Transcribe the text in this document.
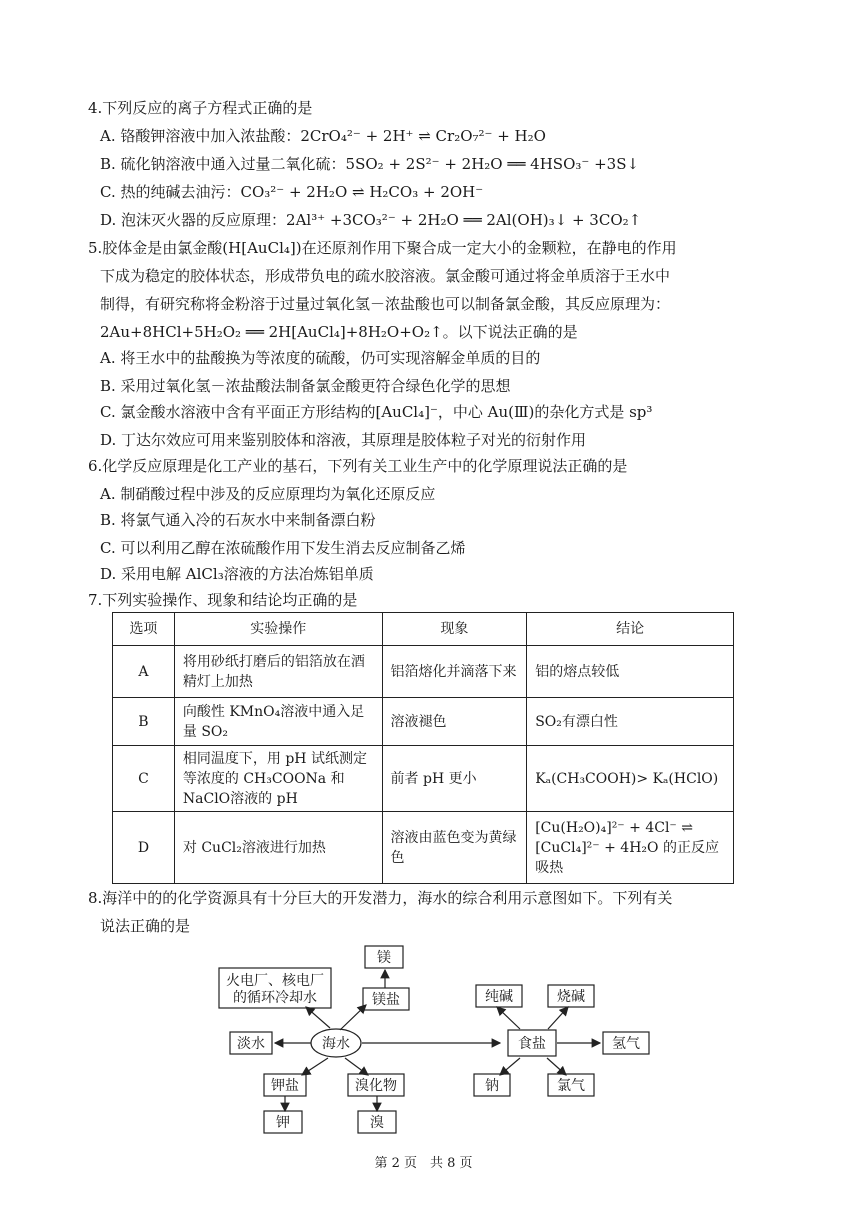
4.下列反应的离子方程式正确的是
A. 铬酸钾溶液中加入浓盐酸：2CrO₄²⁻ + 2H⁺ ⇌ Cr₂O₇²⁻ + H₂O
B. 硫化钠溶液中通入过量二氧化硫：5SO₂ + 2S²⁻ + 2H₂O ══ 4HSO₃⁻ +3S↓
C. 热的纯碱去油污：CO₃²⁻ + 2H₂O ⇌ H₂CO₃ + 2OH⁻
D. 泡沫灭火器的反应原理：2Al³⁺ +3CO₃²⁻ + 2H₂O ══ 2Al(OH)₃↓ + 3CO₂↑
5.胶体金是由氯金酸(H[AuCl₄])在还原剂作用下聚合成一定大小的金颗粒，在静电的作用
下成为稳定的胶体状态，形成带负电的疏水胶溶液。氯金酸可通过将金单质溶于王水中
制得，有研究称将金粉溶于过量过氧化氢－浓盐酸也可以制备氯金酸，其反应原理为：
2Au+8HCl+5H₂O₂ ══ 2H[AuCl₄]+8H₂O+O₂↑。以下说法正确的是
A. 将王水中的盐酸换为等浓度的硫酸，仍可实现溶解金单质的目的
B. 采用过氧化氢－浓盐酸法制备氯金酸更符合绿色化学的思想
C. 氯金酸水溶液中含有平面正方形结构的[AuCl₄]⁻，中心 Au(Ⅲ)的杂化方式是 sp³
D. 丁达尔效应可用来鉴别胶体和溶液，其原理是胶体粒子对光的衍射作用
6.化学反应原理是化工产业的基石，下列有关工业生产中的化学原理说法正确的是
A. 制硝酸过程中涉及的反应原理均为氧化还原反应
B. 将氯气通入冷的石灰水中来制备漂白粉
C. 可以利用乙醇在浓硫酸作用下发生消去反应制备乙烯
D. 采用电解 AlCl₃溶液的方法冶炼铝单质
7.下列实验操作、现象和结论均正确的是
选项	实验操作	现象	结论
A	将用砂纸打磨后的铝箔放在酒精灯上加热	铝箔熔化并滴落下来	铝的熔点较低
B	向酸性 KMnO₄溶液中通入足量 SO₂	溶液褪色	SO₂有漂白性
C	相同温度下，用 pH 试纸测定等浓度的 CH₃COONa 和 NaClO溶液的 pH	前者 pH 更小	Kₐ(CH₃COOH)> Kₐ(HClO)
D	对 CuCl₂溶液进行加热	溶液由蓝色变为黄绿色	[Cu(H₂O)₄]²⁻ + 4Cl⁻ ⇌ [CuCl₄]²⁻ + 4H₂O 的正反应吸热
8.海洋中的的化学资源具有十分巨大的开发潜力，海水的综合利用示意图如下。下列有关
说法正确的是
镁
镁盐
火电厂、核电厂
的循环冷却水
淡水	海水
钾盐	溴化物
钾	溴
纯碱	烧碱
食盐	氢气
钠	氯气
第 2 页　共 8 页
